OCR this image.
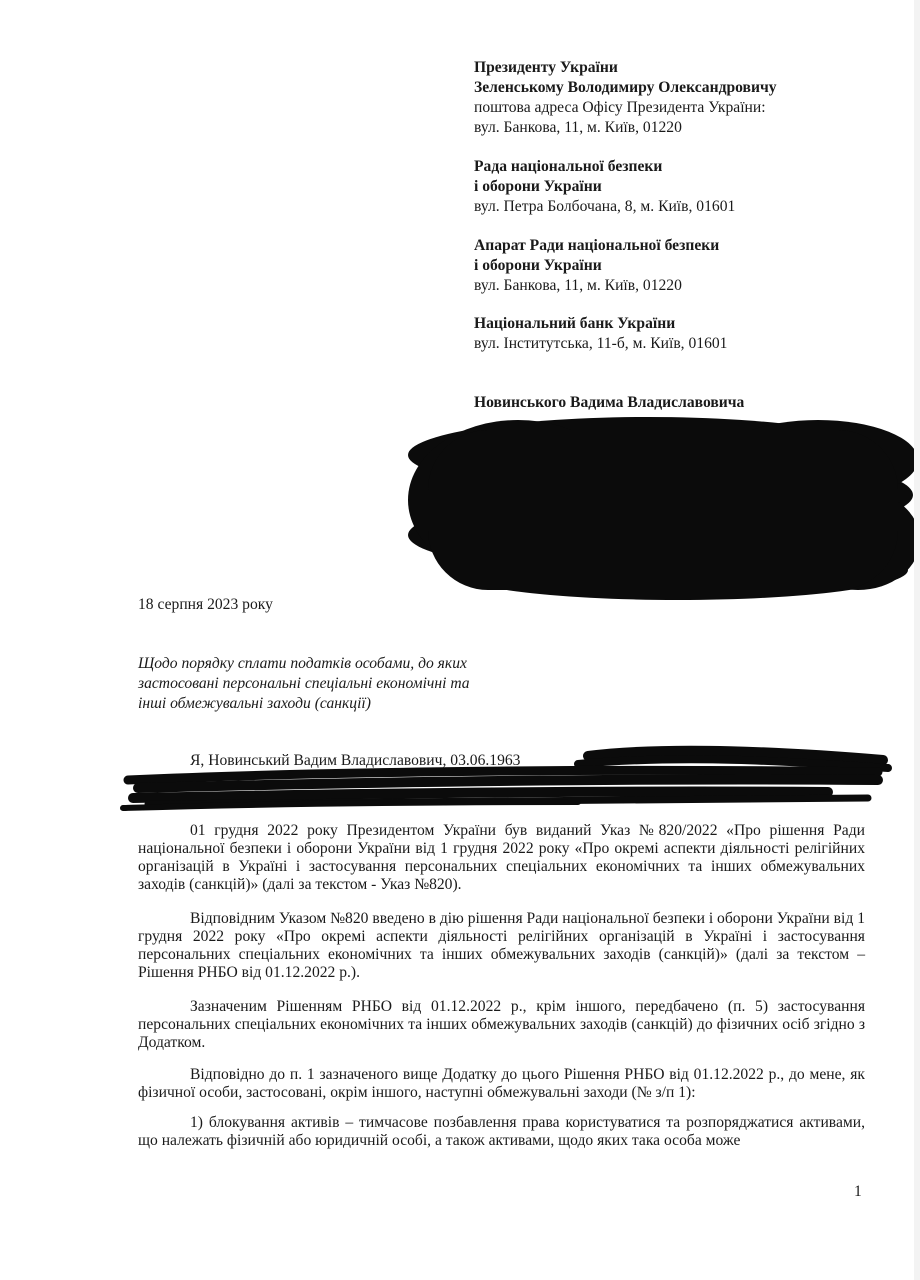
Президенту України
Зеленському Володимиру Олександровичу
поштова адреса Офісу Президента України:
вул. Банкова, 11, м. Київ, 01220
Рада національної безпеки
і оборони України
вул. Петра Болбочана, 8, м. Київ, 01601
Апарат Ради національної безпеки
і оборони України
вул. Банкова, 11, м. Київ, 01220
Національний банк України
вул. Інститутська, 11-б, м. Київ, 01601
Новинського Вадима Владиславовича
18 серпня 2023 року
Щодо порядку сплати податків особами, до яких
застосовані персональні спеціальні економічні та
інші обмежувальні заходи (санкції)

Я, Новинський Вадим Владиславович, 03.06.1963

01 грудня 2022 року Президентом України був виданий Указ №820/2022 «Про рішення Ради національної безпеки і оборони України від 1 грудня 2022 року «Про окремі аспекти діяльності релігійних організацій в Україні і застосування персональних спеціальних економічних та інших обмежувальних заходів (санкцій)» (далі за текстом - Указ №820).

Відповідним Указом №820 введено в дію рішення Ради національної безпеки і оборони України від 1 грудня 2022 року «Про окремі аспекти діяльності релігійних організацій в Україні і застосування персональних спеціальних економічних та інших обмежувальних заходів (санкцій)» (далі за текстом – Рішення РНБО від 01.12.2022 р.).

Зазначеним Рішенням РНБО від 01.12.2022 р., крім іншого, передбачено (п. 5) застосування персональних спеціальних економічних та інших обмежувальних заходів (санкцій) до фізичних осіб згідно з Додатком.

Відповідно до п. 1 зазначеного вище Додатку до цього Рішення РНБО від 01.12.2022 р., до мене, як фізичної особи, застосовані, окрім іншого, наступні обмежувальні заходи (№ з/п 1):

1) блокування активів – тимчасове позбавлення права користуватися та розпоряджатися активами, що належать фізичній або юридичній особі, а також активами, щодо яких така особа може

1
